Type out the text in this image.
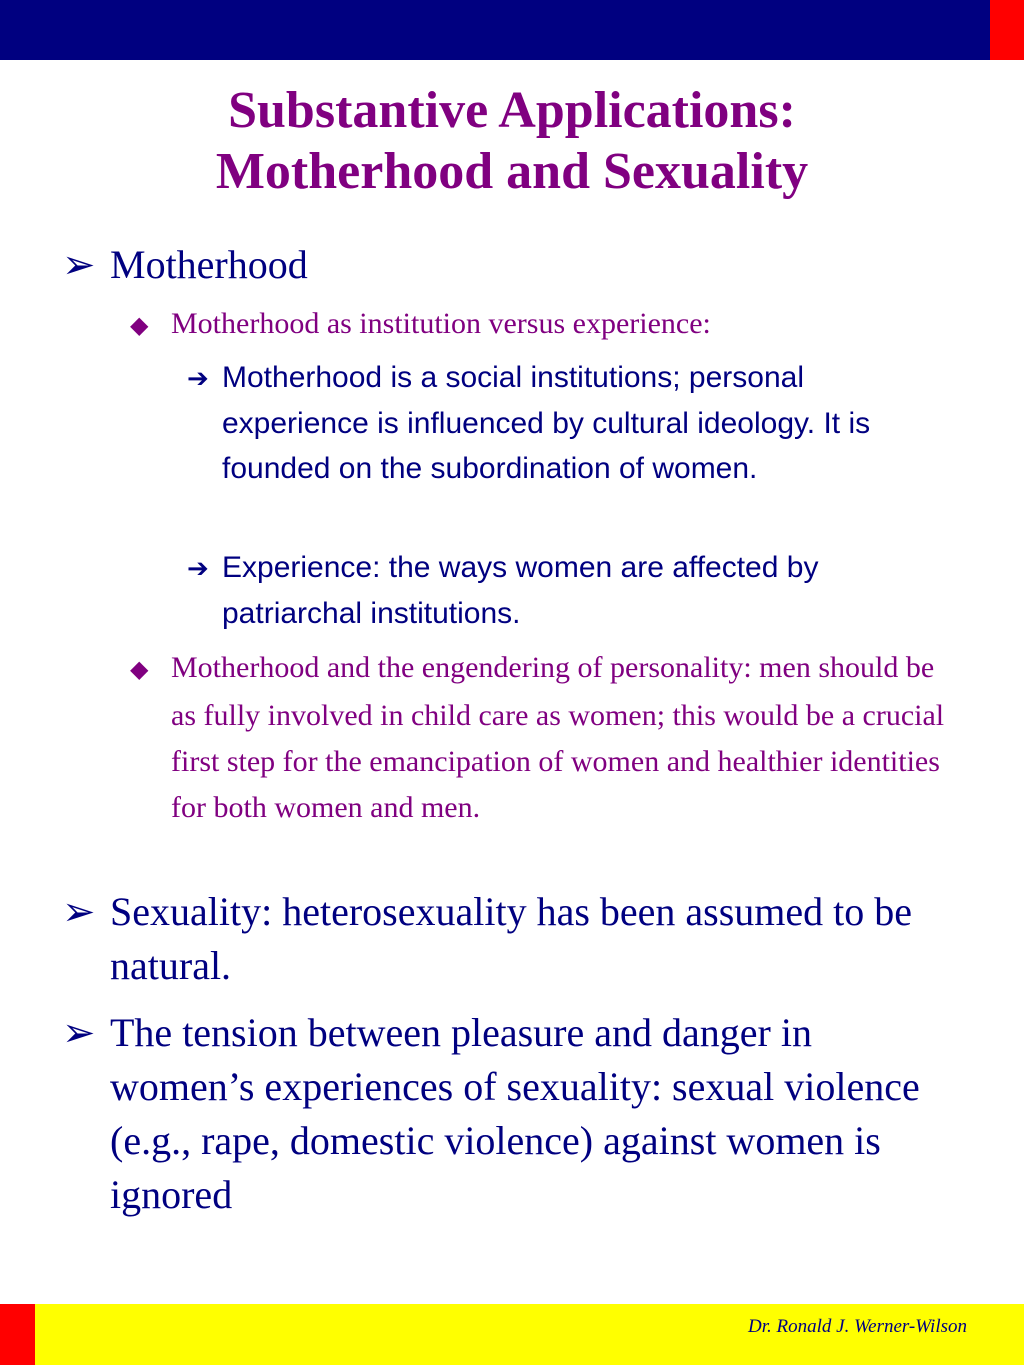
Substantive Applications:
Motherhood and Sexuality
➢ Motherhood
◆ Motherhood as institution versus experience:
➔ Motherhood is a social institutions; personal experience is influenced by cultural ideology. It is founded on the subordination of women.
➔ Experience: the ways women are affected by patriarchal institutions.
◆ Motherhood and the engendering of personality: men should be as fully involved in child care as women; this would be a crucial first step for the emancipation of women and healthier identities for both women and men.
➢ Sexuality: heterosexuality has been assumed to be natural.
➢ The tension between pleasure and danger in women’s experiences of sexuality: sexual violence (e.g., rape, domestic violence) against women is ignored
Dr. Ronald J. Werner-Wilson
